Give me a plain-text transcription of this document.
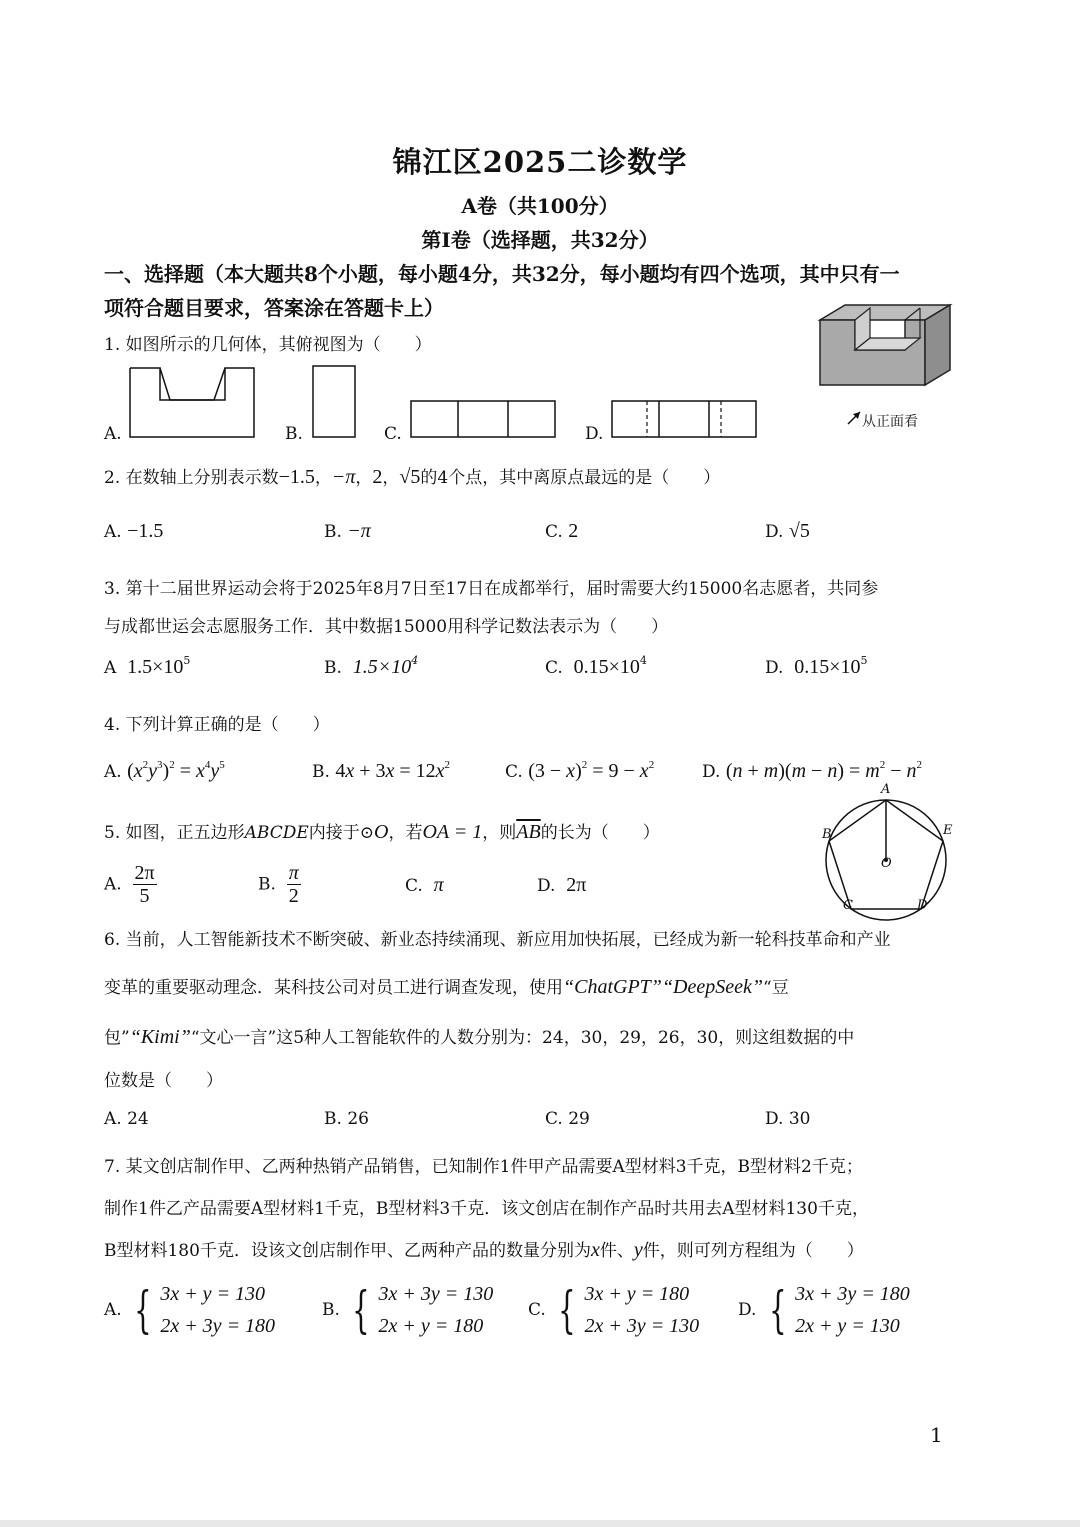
锦江区2025二诊数学
A卷（共100分）
第I卷（选择题，共32分）
一、选择题（本大题共8个小题，每小题4分，共32分，每小题均有四个选项，其中只有一
项符合题目要求，答案涂在答题卡上）
1. 如图所示的几何体，其俯视图为（　　）
从正面看
A.	B.	C.	D.
2. 在数轴上分别表示数−1.5，−π，2，√5的4个点，其中离原点最远的是（　　）
A. −1.5	B. −π	C. 2	D. √5
3. 第十二届世界运动会将于2025年8月7日至17日在成都举行，届时需要大约15000名志愿者，共同参
与成都世运会志愿服务工作．其中数据15000用科学记数法表示为（　　）
A $1.5\times 10^5$	B. $1.5\times 10^4$	C. $0.15\times 10^4$	D. $0.15\times 10^5$
4. 下列计算正确的是（　　）
A. $(x^2y^3)^2 = x^4y^5$	B. $4x + 3x = 12x^2$	C. $(3 - x)^2 = 9 - x^2$	D. $(n + m)(m - n) = m^2 - n^2$
5. 如图，正五边形ABCDE内接于⊙O，若OA = 1，则$\overline{AB}$的长为（　　）
A
B	E
O
C	D
A. $\frac{2\pi}{5}$	B. $\frac{\pi}{2}$	C. π	D. 2π
6. 当前，人工智能新技术不断突破、新业态持续涌现、新应用加快拓展，已经成为新一轮科技革命和产业
变革的重要驱动理念．某科技公司对员工进行调查发现，使用“ChatGPT”“DeepSeek”“豆
包”“Kimi”“文心一言”这5种人工智能软件的人数分别为：24，30，29，26，30，则这组数据的中
位数是（　　）
A. 24	B. 26	C. 29	D. 30
7. 某文创店制作甲、乙两种热销产品销售，已知制作1件甲产品需要A型材料3千克，B型材料2千克；
制作1件乙产品需要A型材料1千克，B型材料3千克．该文创店在制作产品时共用去A型材料130千克，
B型材料180千克．设该文创店制作甲、乙两种产品的数量分别为x件、y件，则可列方程组为（　　）
A. { 3x + y = 130
2x + 3y = 180
B. { 3x + 3y = 130
2x + y = 180
C. { 3x + y = 180
2x + 3y = 130
D. { 3x + 3y = 180
2x + y = 130
1
